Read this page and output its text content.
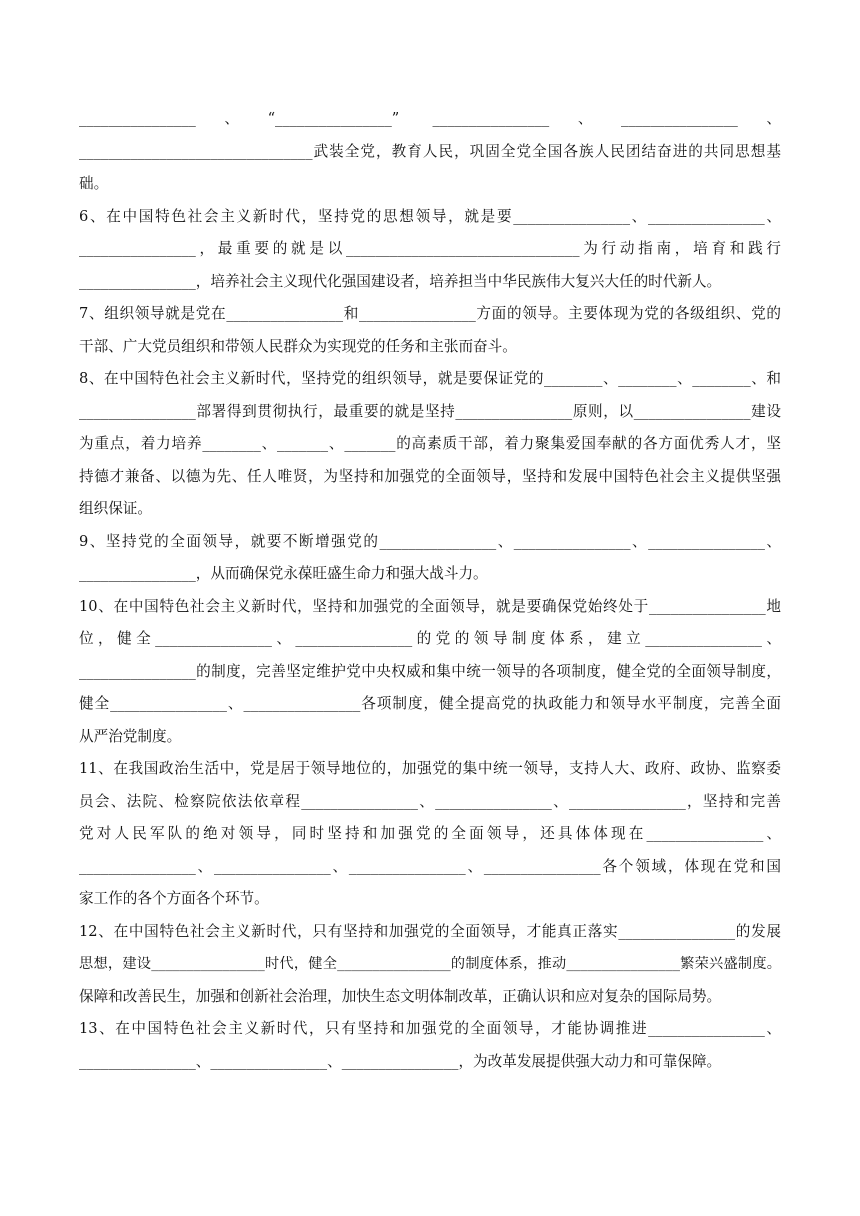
________________、“________________” ________________、________________、
________________________________武装全党，教育人民，巩固全党全国各族人民团结奋进的共同思想基
础。
6、在中国特色社会主义新时代，坚持党的思想领导，就是要________________、________________、
________________，最重要的就是以________________________________为行动指南，培育和践行
________________，培养社会主义现代化强国建设者，培养担当中华民族伟大复兴大任的时代新人。
7、组织领导就是党在________________和________________方面的领导。主要体现为党的各级组织、党的
干部、广大党员组织和带领人民群众为实现党的任务和主张而奋斗。
8、在中国特色社会主义新时代，坚持党的组织领导，就是要保证党的________、________、________、和
________________部署得到贯彻执行，最重要的就是坚持________________原则，以________________建设
为重点，着力培养________、_______、_______的高素质干部，着力聚集爱国奉献的各方面优秀人才，坚
持德才兼备、以德为先、任人唯贤，为坚持和加强党的全面领导，坚持和发展中国特色社会主义提供坚强
组织保证。
9、坚持党的全面领导，就要不断增强党的________________、________________、________________、
________________，从而确保党永葆旺盛生命力和强大战斗力。
10、在中国特色社会主义新时代，坚持和加强党的全面领导，就是要确保党始终处于________________地
位，健全________________、________________的党的领导制度体系，建立________________、
________________的制度，完善坚定维护党中央权威和集中统一领导的各项制度，健全党的全面领导制度，
健全________________、________________各项制度，健全提高党的执政能力和领导水平制度，完善全面
从严治党制度。
11、在我国政治生活中，党是居于领导地位的，加强党的集中统一领导，支持人大、政府、政协、监察委
员会、法院、检察院依法依章程________________、________________、________________，坚持和完善
党对人民军队的绝对领导，同时坚持和加强党的全面领导，还具体体现在________________、
________________、________________、________________、________________各个领域，体现在党和国
家工作的各个方面各个环节。
12、在中国特色社会主义新时代，只有坚持和加强党的全面领导，才能真正落实________________的发展
思想，建设________________时代，健全________________的制度体系，推动________________繁荣兴盛制度。
保障和改善民生，加强和创新社会治理，加快生态文明体制改革，正确认识和应对复杂的国际局势。
13、在中国特色社会主义新时代，只有坚持和加强党的全面领导，才能协调推进________________、
________________、________________、________________，为改革发展提供强大动力和可靠保障。
